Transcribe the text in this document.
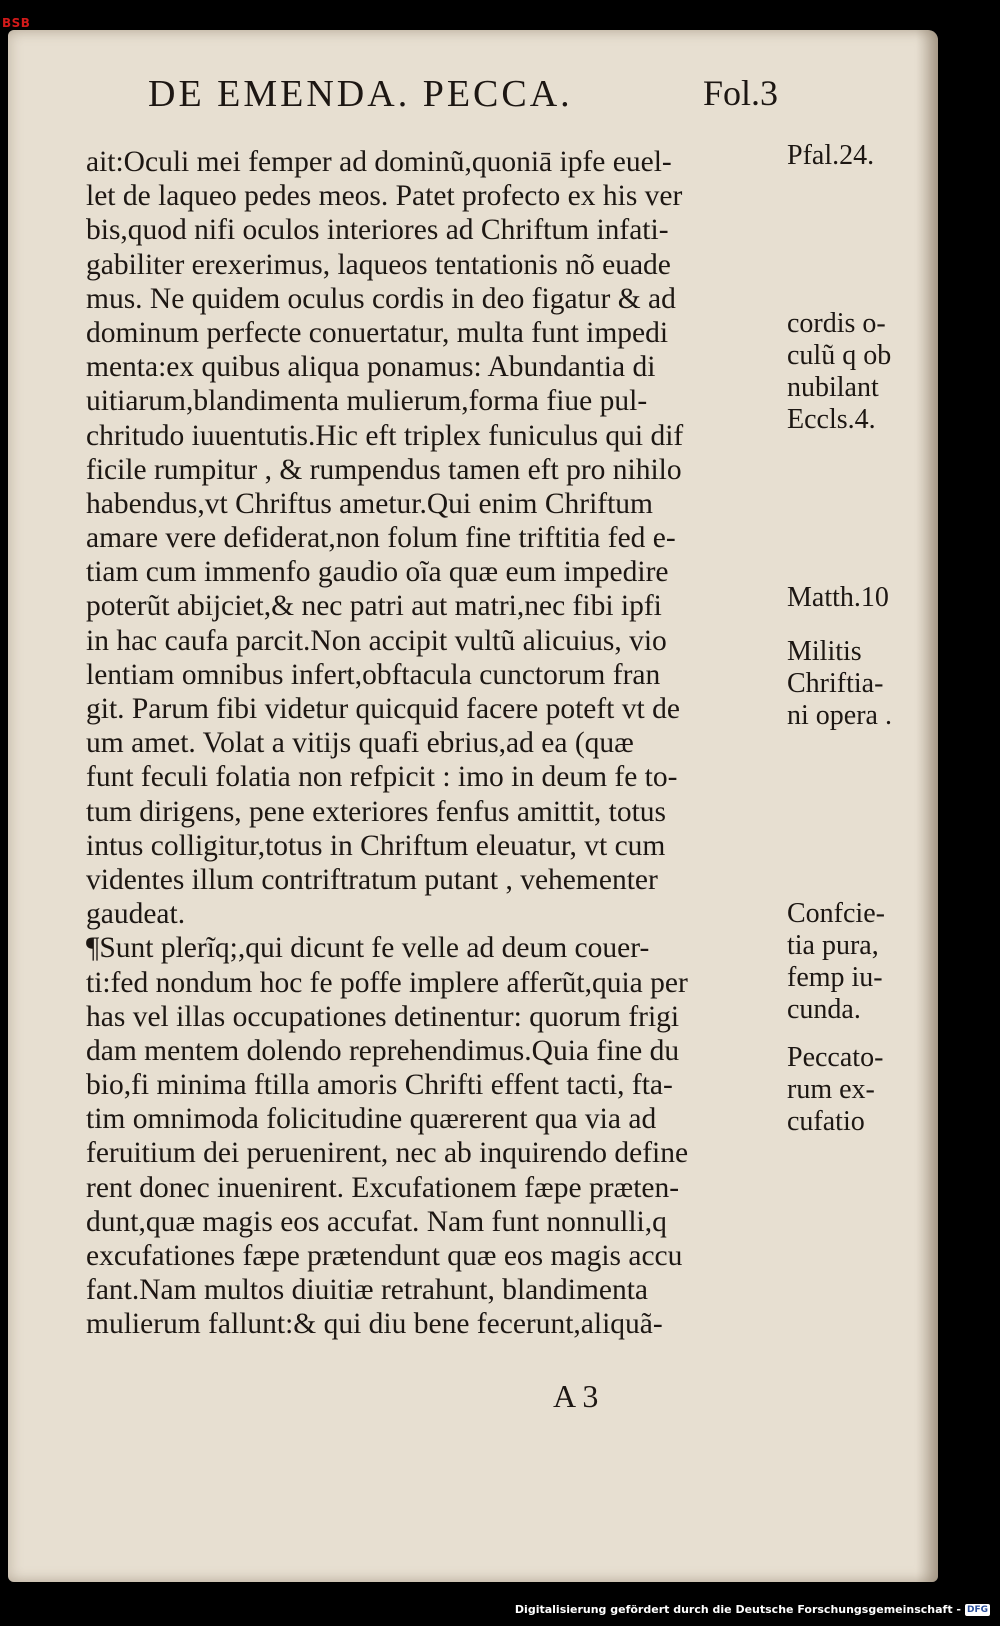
BSB
DE EMENDA. PECCA.	Fol.3
ait:Oculi mei femper ad dominũ,quoniā ipfe euel-
let de laqueo pedes meos. Patet profecto ex his ver
bis,quod nifi oculos interiores ad Chriftum infati-
gabiliter erexerimus, laqueos tentationis nõ euade
mus. Ne quidem oculus cordis in deo figatur & ad
dominum perfecte conuertatur, multa funt impedi
menta:ex quibus aliqua ponamus: Abundantia di
uitiarum,blandimenta mulierum,forma fiue pul-
chritudo iuuentutis.Hic eft triplex funiculus qui dif
ficile rumpitur , & rumpendus tamen eft pro nihilo
habendus,vt Chriftus ametur.Qui enim Chriftum
amare vere defiderat,non folum fine triftitia fed e-
tiam cum immenfo gaudio oĩa quæ eum impedire
poterũt abijciet,& nec patri aut matri,nec fibi ipfi
in hac caufa parcit.Non accipit vultũ alicuius, vio
lentiam omnibus infert,obftacula cunctorum fran
git. Parum fibi videtur quicquid facere poteft vt de
um amet. Volat a vitijs quafi ebrius,ad ea (quæ
funt feculi folatia non refpicit : imo in deum fe to-
tum dirigens, pene exteriores fenfus amittit, totus
intus colligitur,totus in Chriftum eleuatur, vt cum
videntes illum contriftratum putant , vehementer
gaudeat.
¶Sunt plerĩq;,qui dicunt fe velle ad deum couer-
ti:fed nondum hoc fe poffe implere afferũt,quia per
has vel illas occupationes detinentur: quorum frigi
dam mentem dolendo reprehendimus.Quia fine du
bio,fi minima ftilla amoris Chrifti effent tacti, fta-
tim omnimoda folicitudine quærerent qua via ad
feruitium dei peruenirent, nec ab inquirendo define
rent donec inuenirent. Excufationem fæpe præten-
dunt,quæ magis eos accufat. Nam funt nonnulli,q
excufationes fæpe prætendunt quæ eos magis accu
fant.Nam multos diuitiæ retrahunt, blandimenta
mulierum fallunt:& qui diu bene fecerunt,aliquã-
Pfal.24.
cordis o-
culũ q ob
nubilant
Eccls.4.
Matth.10
Militis
Chriftia-
ni opera .
Confcie-
tia pura,
femp iu-
cunda.
Peccato-
rum ex-
cufatio
A 3
Digitalisierung gefördert durch die Deutsche Forschungsgemeinschaft - DFG
